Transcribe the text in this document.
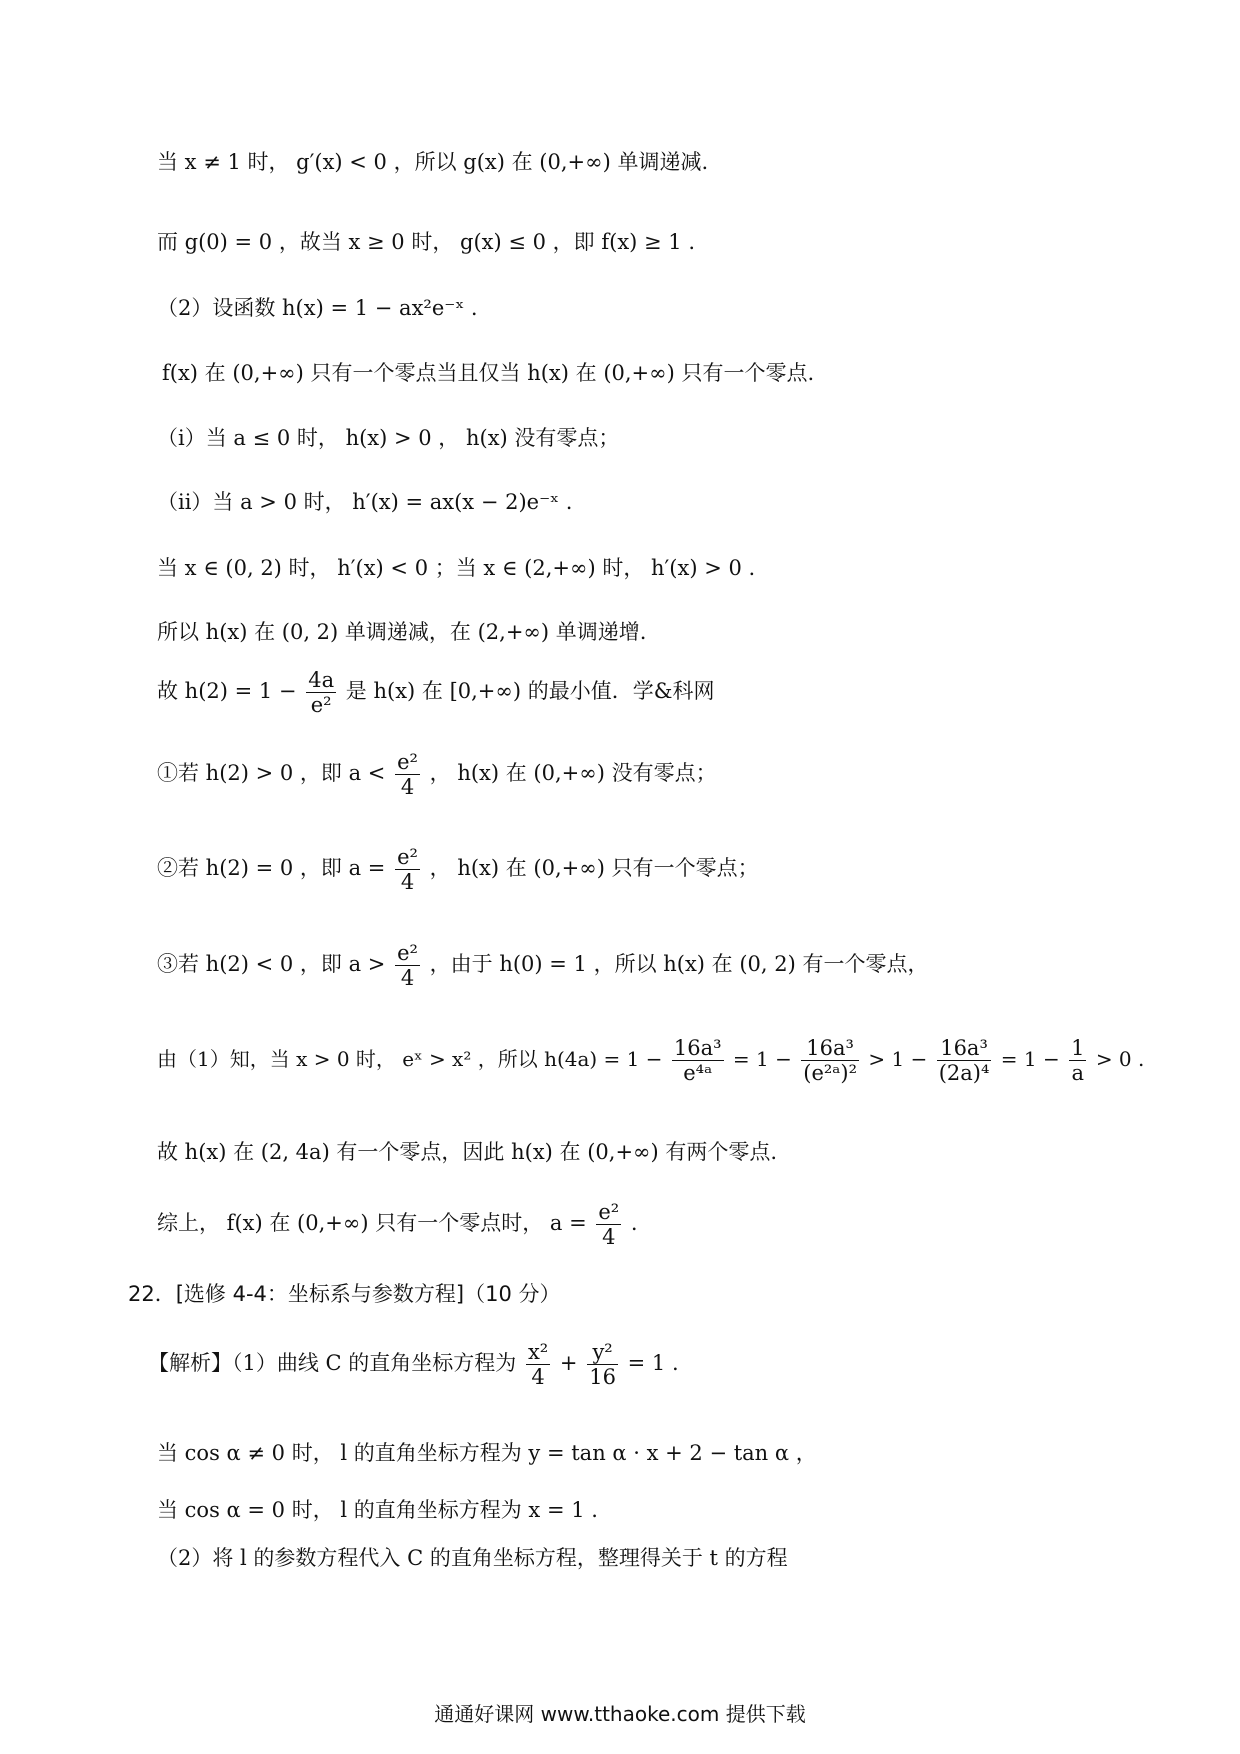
当 x ≠ 1 时， g′(x) < 0 ，所以 g(x) 在 (0,+∞) 单调递减.
而 g(0) = 0 ，故当 x ≥ 0 时， g(x) ≤ 0 ，即 f(x) ≥ 1 .
（2）设函数 h(x) = 1 − ax²e⁻ˣ .
f(x) 在 (0,+∞) 只有一个零点当且仅当 h(x) 在 (0,+∞) 只有一个零点.
（i）当 a ≤ 0 时， h(x) > 0 ， h(x) 没有零点；
（ii）当 a > 0 时， h′(x) = ax(x − 2)e⁻ˣ .
当 x ∈ (0, 2) 时， h′(x) < 0 ；当 x ∈ (2,+∞) 时， h′(x) > 0 .
所以 h(x) 在 (0, 2) 单调递减，在 (2,+∞) 单调递增.
故 $h(2) = 1 - \frac{4a}{\text{e²}}$ 是 h(x) 在 [0,+∞) 的最小值．学&科网
①若 h(2) > 0 ，即 $a < \frac{\text{e²}}{4}$ ， h(x) 在 (0,+∞) 没有零点；
②若 h(2) = 0 ，即 $a = \frac{\text{e²}}{4}$ ， h(x) 在 (0,+∞) 只有一个零点；
③若 h(2) < 0 ，即 $a > \frac{\text{e²}}{4}$ ，由于 h(0) = 1 ，所以 h(x) 在 (0, 2) 有一个零点，
由（1）知，当 x > 0 时， eˣ > x² ，所以 $h(4a) = 1 - \frac{\text{16a³}}{\text{e⁴ᵃ}} = 1 - \frac{\text{16a³}}{\text{(e²ᵃ)²}} > 1 - \frac{\text{16a³}}{\text{(2a)⁴}} = 1 - \frac{1}{a} > 0$ .
故 h(x) 在 (2, 4a) 有一个零点，因此 h(x) 在 (0,+∞) 有两个零点.
综上， f(x) 在 (0,+∞) 只有一个零点时， $a = \frac{\text{e²}}{4}$ .
22．[选修 4-4：坐标系与参数方程]（10 分）
【解析】（1）曲线 C 的直角坐标方程为 $\frac{\text{x²}}{4} + \frac{\text{y²}}{16} = 1$ .
当 cos α ≠ 0 时， l 的直角坐标方程为 y = tan α · x + 2 − tan α ，
当 cos α = 0 时， l 的直角坐标方程为 x = 1 .
（2）将 l 的参数方程代入 C 的直角坐标方程，整理得关于 t 的方程
通通好课网 www.tthaoke.com 提供下载
